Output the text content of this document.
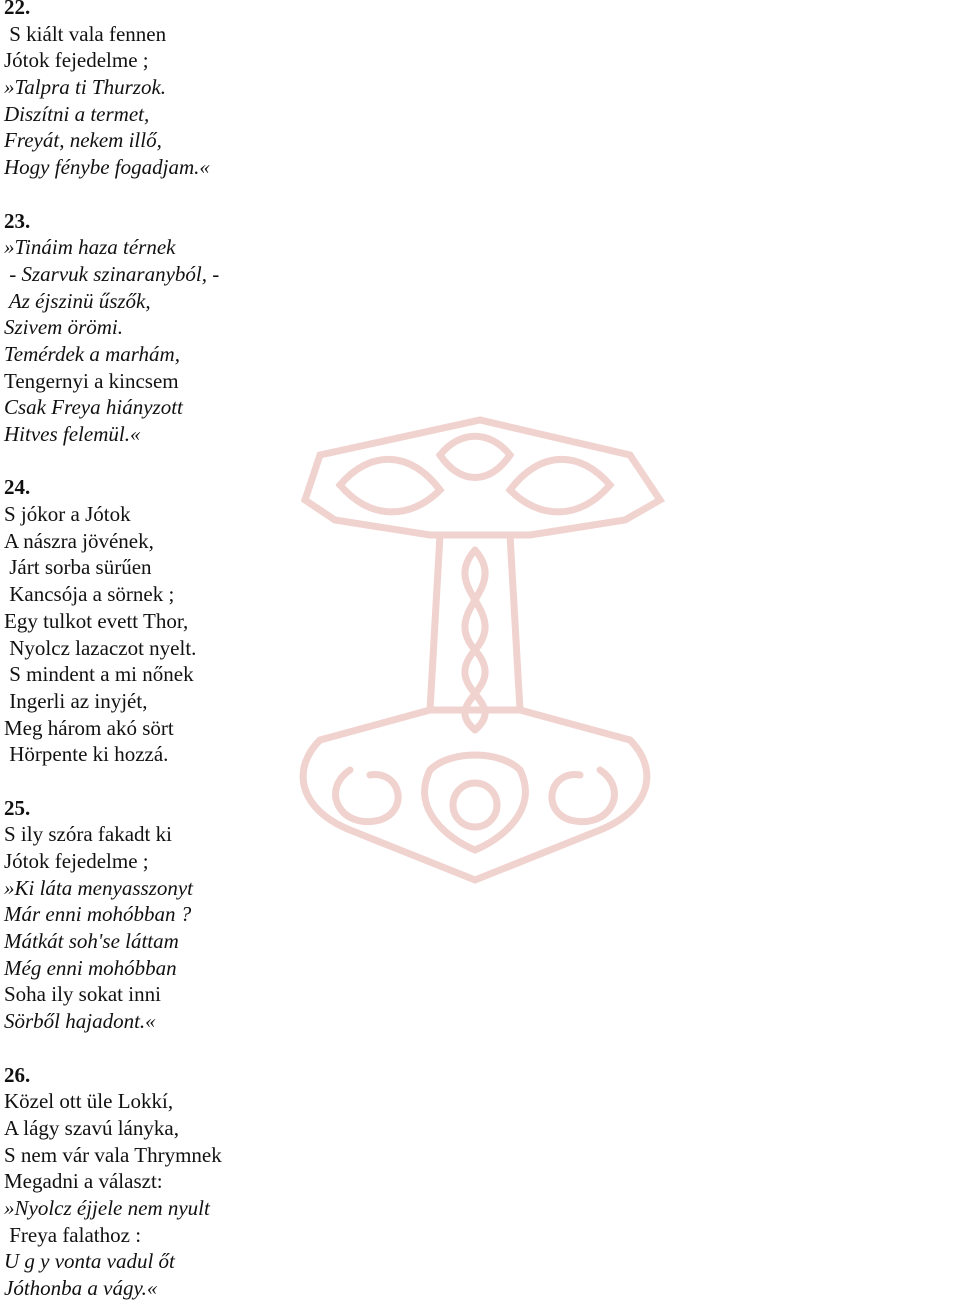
22.
S kiált vala fennen
Jótok fejedelme ;
»Talpra ti Thurzok.
Diszítni a termet,
Freyát, nekem illő,
Hogy fénybe fogadjam.«
23.
»Tináim haza térnek
- Szarvuk szinaranyból, -
Az éjszinü űszők,
Szivem örömi.
Temérdek a marhám,
Tengernyi a kincsem
Csak Freya hiányzott
Hitves felemül.«
24.
S jókor a Jótok
A nászra jövének,
Járt sorba sürűen
Kancsója a sörnek ;
Egy tulkot evett Thor,
Nyolcz lazaczot nyelt.
S mindent a mi nőnek
Ingerli az inyjét,
Meg három akó sört
Hörpente ki hozzá.
25.
S ily szóra fakadt ki
Jótok fejedelme ;
»Ki láta menyasszonyt
Már enni mohóbban ?
Mátkát soh'se láttam
Még enni mohóbban
Soha ily sokat inni
Sörből hajadont.«
26.
Közel ott üle Lokkí,
A lágy szavú lányka,
S nem vár vala Thrymnek
Megadni a választ:
»Nyolcz éjjele nem nyult
Freya falathoz :
U g y vonta vadul őt
Jóthonba a vágy.«
